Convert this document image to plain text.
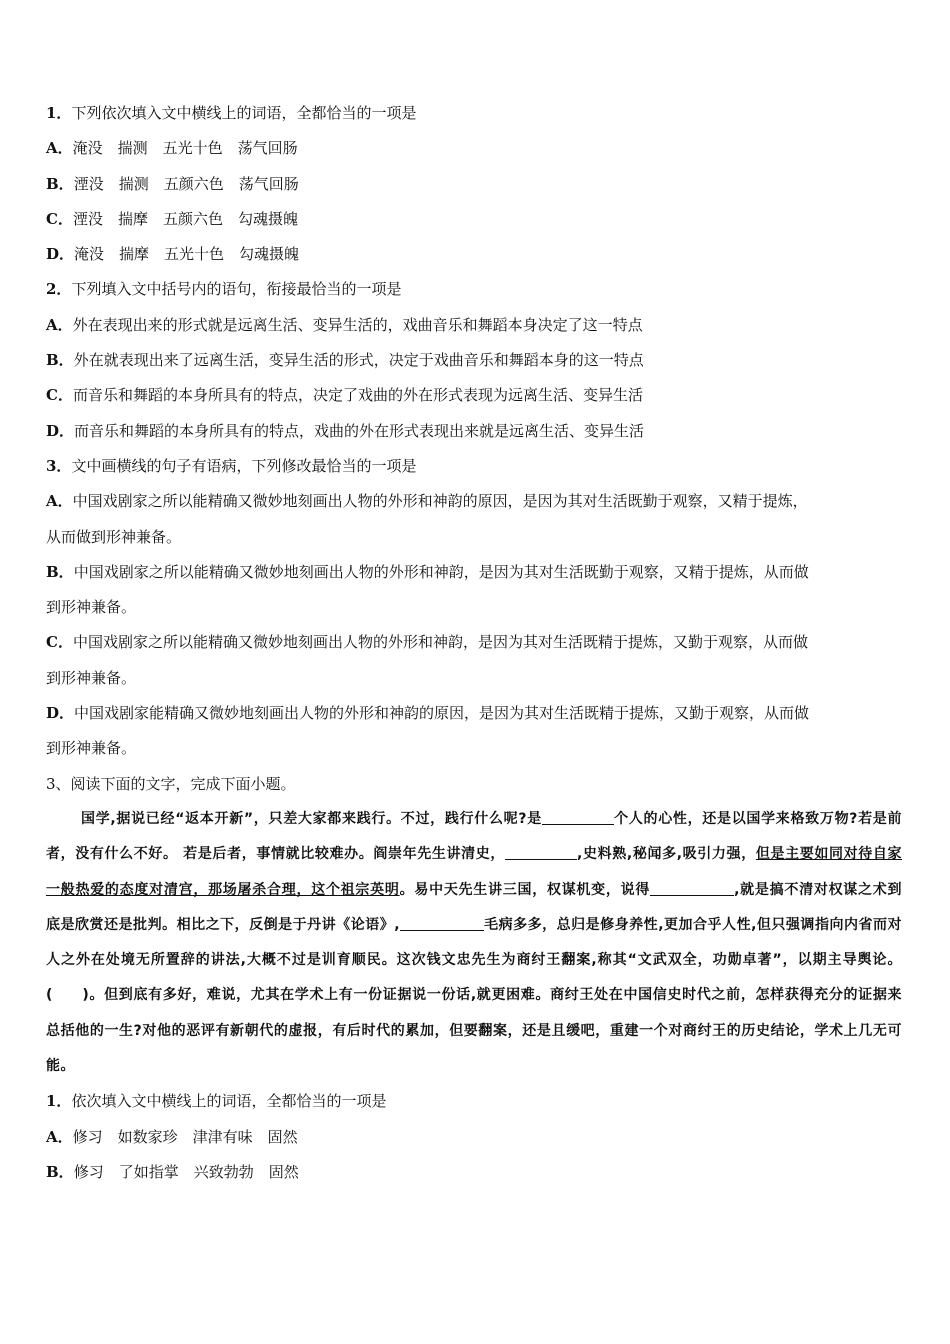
1．下列依次填入文中横线上的词语，全都恰当的一项是
A．淹没　揣测　五光十色　荡气回肠
B．湮没　揣测　五颜六色　荡气回肠
C．湮没　揣摩　五颜六色　勾魂摄魄
D．淹没　揣摩　五光十色　勾魂摄魄
2．下列填入文中括号内的语句，衔接最恰当的一项是
A．外在表现出来的形式就是远离生活、变异生活的，戏曲音乐和舞蹈本身决定了这一特点
B．外在就表现出来了远离生活，变异生活的形式，决定于戏曲音乐和舞蹈本身的这一特点
C．而音乐和舞蹈的本身所具有的特点，决定了戏曲的外在形式表现为远离生活、变异生活
D．而音乐和舞蹈的本身所具有的特点，戏曲的外在形式表现出来就是远离生活、变异生活
3．文中画横线的句子有语病，下列修改最恰当的一项是
A．中国戏剧家之所以能精确又微妙地刻画出人物的外形和神韵的原因，是因为其对生活既勤于观察，又精于提炼，
从而做到形神兼备。
B．中国戏剧家之所以能精确又微妙地刻画出人物的外形和神韵，是因为其对生活既勤于观察，又精于提炼，从而做
到形神兼备。
C．中国戏剧家之所以能精确又微妙地刻画出人物的外形和神韵，是因为其对生活既精于提炼，又勤于观察，从而做
到形神兼备。
D．中国戏剧家能精确又微妙地刻画出人物的外形和神韵的原因，是因为其对生活既精于提炼，又勤于观察，从而做
到形神兼备。
3、阅读下面的文字，完成下面小题。
国学,据说已经“返本开新”，只差大家都来践行。不过，践行什么呢?是	个人的心性，还是以国学来格致万物?若是前者，没有什么不好。 若是后者，事情就比较难办。阎崇年先生讲清史，	,史料熟,秘闻多,吸引力强，但是主要如同对待自家一般热爱的态度对清宫，那场屠杀合理，这个祖宗英明。易中天先生讲三国，权谋机变，说得	,就是搞不清对权谋之术到底是欣赏还是批判。相比之下，反倒是于丹讲《论语》,	毛病多多，总归是修身养性,更加合乎人性,但只强调指向内省而对人之外在处境无所置辞的讲法,大概不过是训育顺民。这次钱文忠先生为商纣王翻案,称其“文武双全，功勋卓著”，以期主导舆论。(　　)。但到底有多好，难说，尤其在学术上有一份证据说一份话,就更困难。商纣王处在中国信史时代之前，怎样获得充分的证据来总括他的一生?对他的恶评有新朝代的虚报，有后时代的累加，但要翻案，还是且缓吧，重建一个对商纣王的历史结论，学术上几无可能。
1．依次填入文中横线上的词语，全都恰当的一项是
A．修习　如数家珍　津津有味　固然
B．修习　了如指掌　兴致勃勃　固然
